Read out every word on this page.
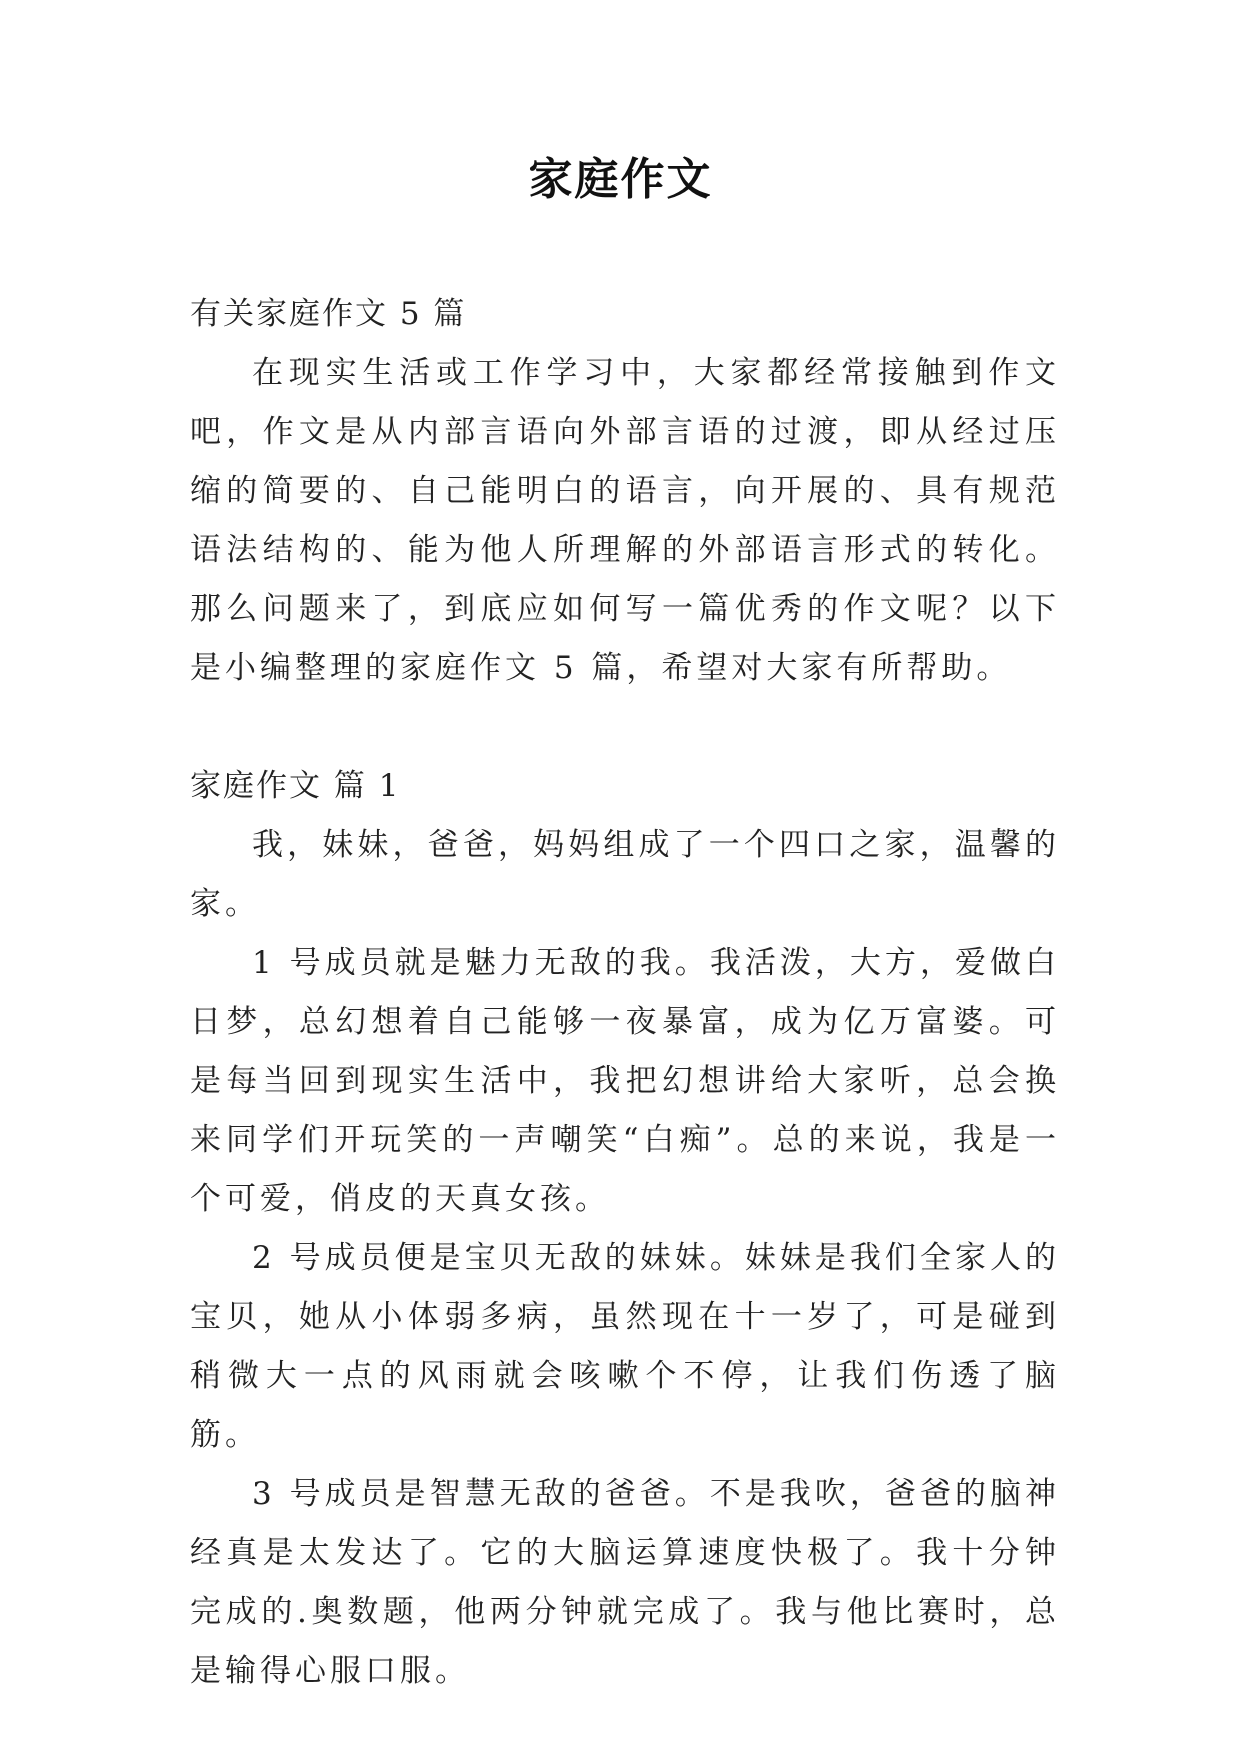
家庭作文

有关家庭作文 5 篇

在现实生活或工作学习中，大家都经常接触到作文吧，作文是从内部言语向外部言语的过渡，即从经过压缩的简要的、自己能明白的语言，向开展的、具有规范语法结构的、能为他人所理解的外部语言形式的转化。那么问题来了，到底应如何写一篇优秀的作文呢？以下是小编整理的家庭作文 5 篇，希望对大家有所帮助。

家庭作文 篇 1

我，妹妹，爸爸，妈妈组成了一个四口之家，温馨的家。

1 号成员就是魅力无敌的我。我活泼，大方，爱做白日梦，总幻想着自己能够一夜暴富，成为亿万富婆。可是每当回到现实生活中，我把幻想讲给大家听，总会换来同学们开玩笑的一声嘲笑“白痴”。总的来说，我是一个可爱，俏皮的天真女孩。

2 号成员便是宝贝无敌的妹妹。妹妹是我们全家人的宝贝，她从小体弱多病，虽然现在十一岁了，可是碰到稍微大一点的风雨就会咳嗽个不停，让我们伤透了脑筋。

3 号成员是智慧无敌的爸爸。不是我吹，爸爸的脑神经真是太发达了。它的大脑运算速度快极了。我十分钟完成的.奥数题，他两分钟就完成了。我与他比赛时，总是输得心服口服。
